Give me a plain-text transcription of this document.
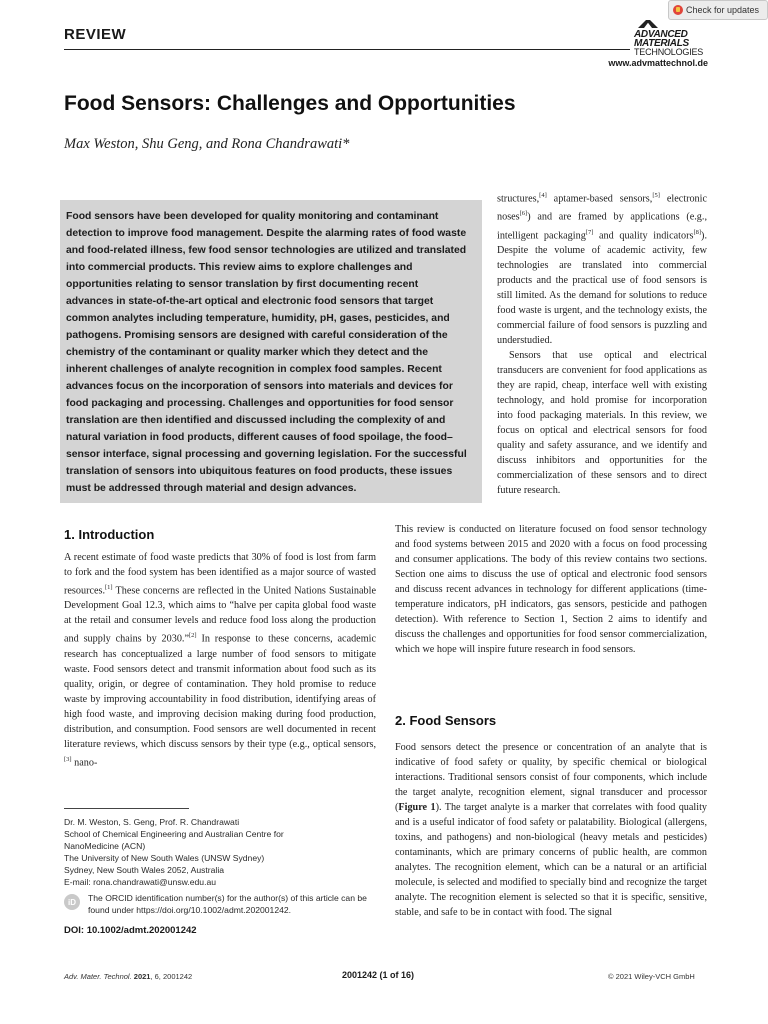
REVIEW
Check for updates
ADVANCED
MATERIALS
TECHNOLOGIES
www.advmattechnol.de
Food Sensors: Challenges and Opportunities
Max Weston, Shu Geng, and Rona Chandrawati*
Food sensors have been developed for quality monitoring and contaminant detection to improve food management. Despite the alarming rates of food waste and food-related illness, few food sensor technologies are utilized and translated into commercial products. This review aims to explore challenges and opportunities relating to sensor translation by first documenting recent advances in state-of-the-art optical and electronic food sensors that target common analytes including temperature, humidity, pH, gases, pesticides, and pathogens. Promising sensors are designed with careful consideration of the chemistry of the contaminant or quality marker which they detect and the inherent challenges of analyte recognition in complex food samples. Recent advances focus on the incorporation of sensors into materials and devices for food packaging and processing. Challenges and opportunities for food sensor translation are then identified and discussed including the complexity of and natural variation in food products, different causes of food spoilage, the food–sensor interface, signal processing and governing legislation. For the successful translation of sensors into ubiquitous features on food products, these issues must be addressed through material and design advances.

structures,[4] aptamer-based sensors,[5] electronic noses[6]) and are framed by applications (e.g., intelligent packaging[7] and quality indicators[8]). Despite the volume of academic activity, few technologies are translated into commercial products and the practical use of food sensors is still limited. As the demand for solutions to reduce food waste is urgent, and the technology exists, the commercial failure of food sensors is puzzling and understudied.

Sensors that use optical and electrical transducers are convenient for food applications as they are rapid, cheap, interface well with existing technology, and hold promise for incorporation into food packaging materials. In this review, we focus on optical and electrical sensors for food quality and safety assurance, and we identify and discuss inhibitors and opportunities for the commercialization of these sensors and to direct future research.

This review is conducted on literature focused on food sensor technology and food systems between 2015 and 2020 with a focus on food processing and consumer applications. The body of this review contains two sections. Section one aims to discuss the use of optical and electronic food sensors and discuss recent advances in technology for different applications (time-temperature indicators, pH indicators, gas sensors, pesticide and pathogen detection). With reference to Section 1, Section 2 aims to identify and discuss the challenges and opportunities for food sensor commercialization, which we hope will inspire future research in food sensors.

2. Food Sensors

Food sensors detect the presence or concentration of an analyte that is indicative of food safety or quality, by specific chemical or biological interactions. Traditional sensors consist of four components, which include the target analyte, recognition element, signal transducer and processor (Figure 1). The target analyte is a marker that correlates with food quality and is a useful indicator of food safety or palatability. Biological (allergens, toxins, and pathogens) and non-biological (heavy metals and pesticides) contaminants, which are primary concerns of public health, are common analytes. The recognition element, which can be a natural or an artificial molecule, is selected and modified to specially bind and recognize the target analyte. The recognition element is selected so that it is specific, sensitive, stable, and safe to be in contact with food. The signal

1. Introduction

A recent estimate of food waste predicts that 30% of food is lost from farm to fork and the food system has been identified as a major source of wasted resources.[1] These concerns are reflected in the United Nations Sustainable Development Goal 12.3, which aims to “halve per capita global food waste at the retail and consumer levels and reduce food loss along the production and supply chains by 2030.”[2] In response to these concerns, academic research has conceptualized a large number of food sensors to mitigate waste. Food sensors detect and transmit information about food such as its quality, origin, or degree of contamination. They hold promise to reduce waste by improving accountability in food distribution, identifying areas of high food waste, and improving decision making during food production, distribution, and consumption. Food sensors are well documented in recent literature reviews, which discuss sensors by their type (e.g., optical sensors,[3] nano-

Dr. M. Weston, S. Geng, Prof. R. Chandrawati
School of Chemical Engineering and Australian Centre for
NanoMedicine (ACN)
The University of New South Wales (UNSW Sydney)
Sydney, New South Wales 2052, Australia
E-mail: rona.chandrawati@unsw.edu.au
iD	The ORCID identification number(s) for the author(s) of this article can be found under https://doi.org/10.1002/admt.202001242.
DOI: 10.1002/admt.202001242
Adv. Mater. Technol. 2021, 6, 2001242	2001242 (1 of 16)	© 2021 Wiley-VCH GmbH
